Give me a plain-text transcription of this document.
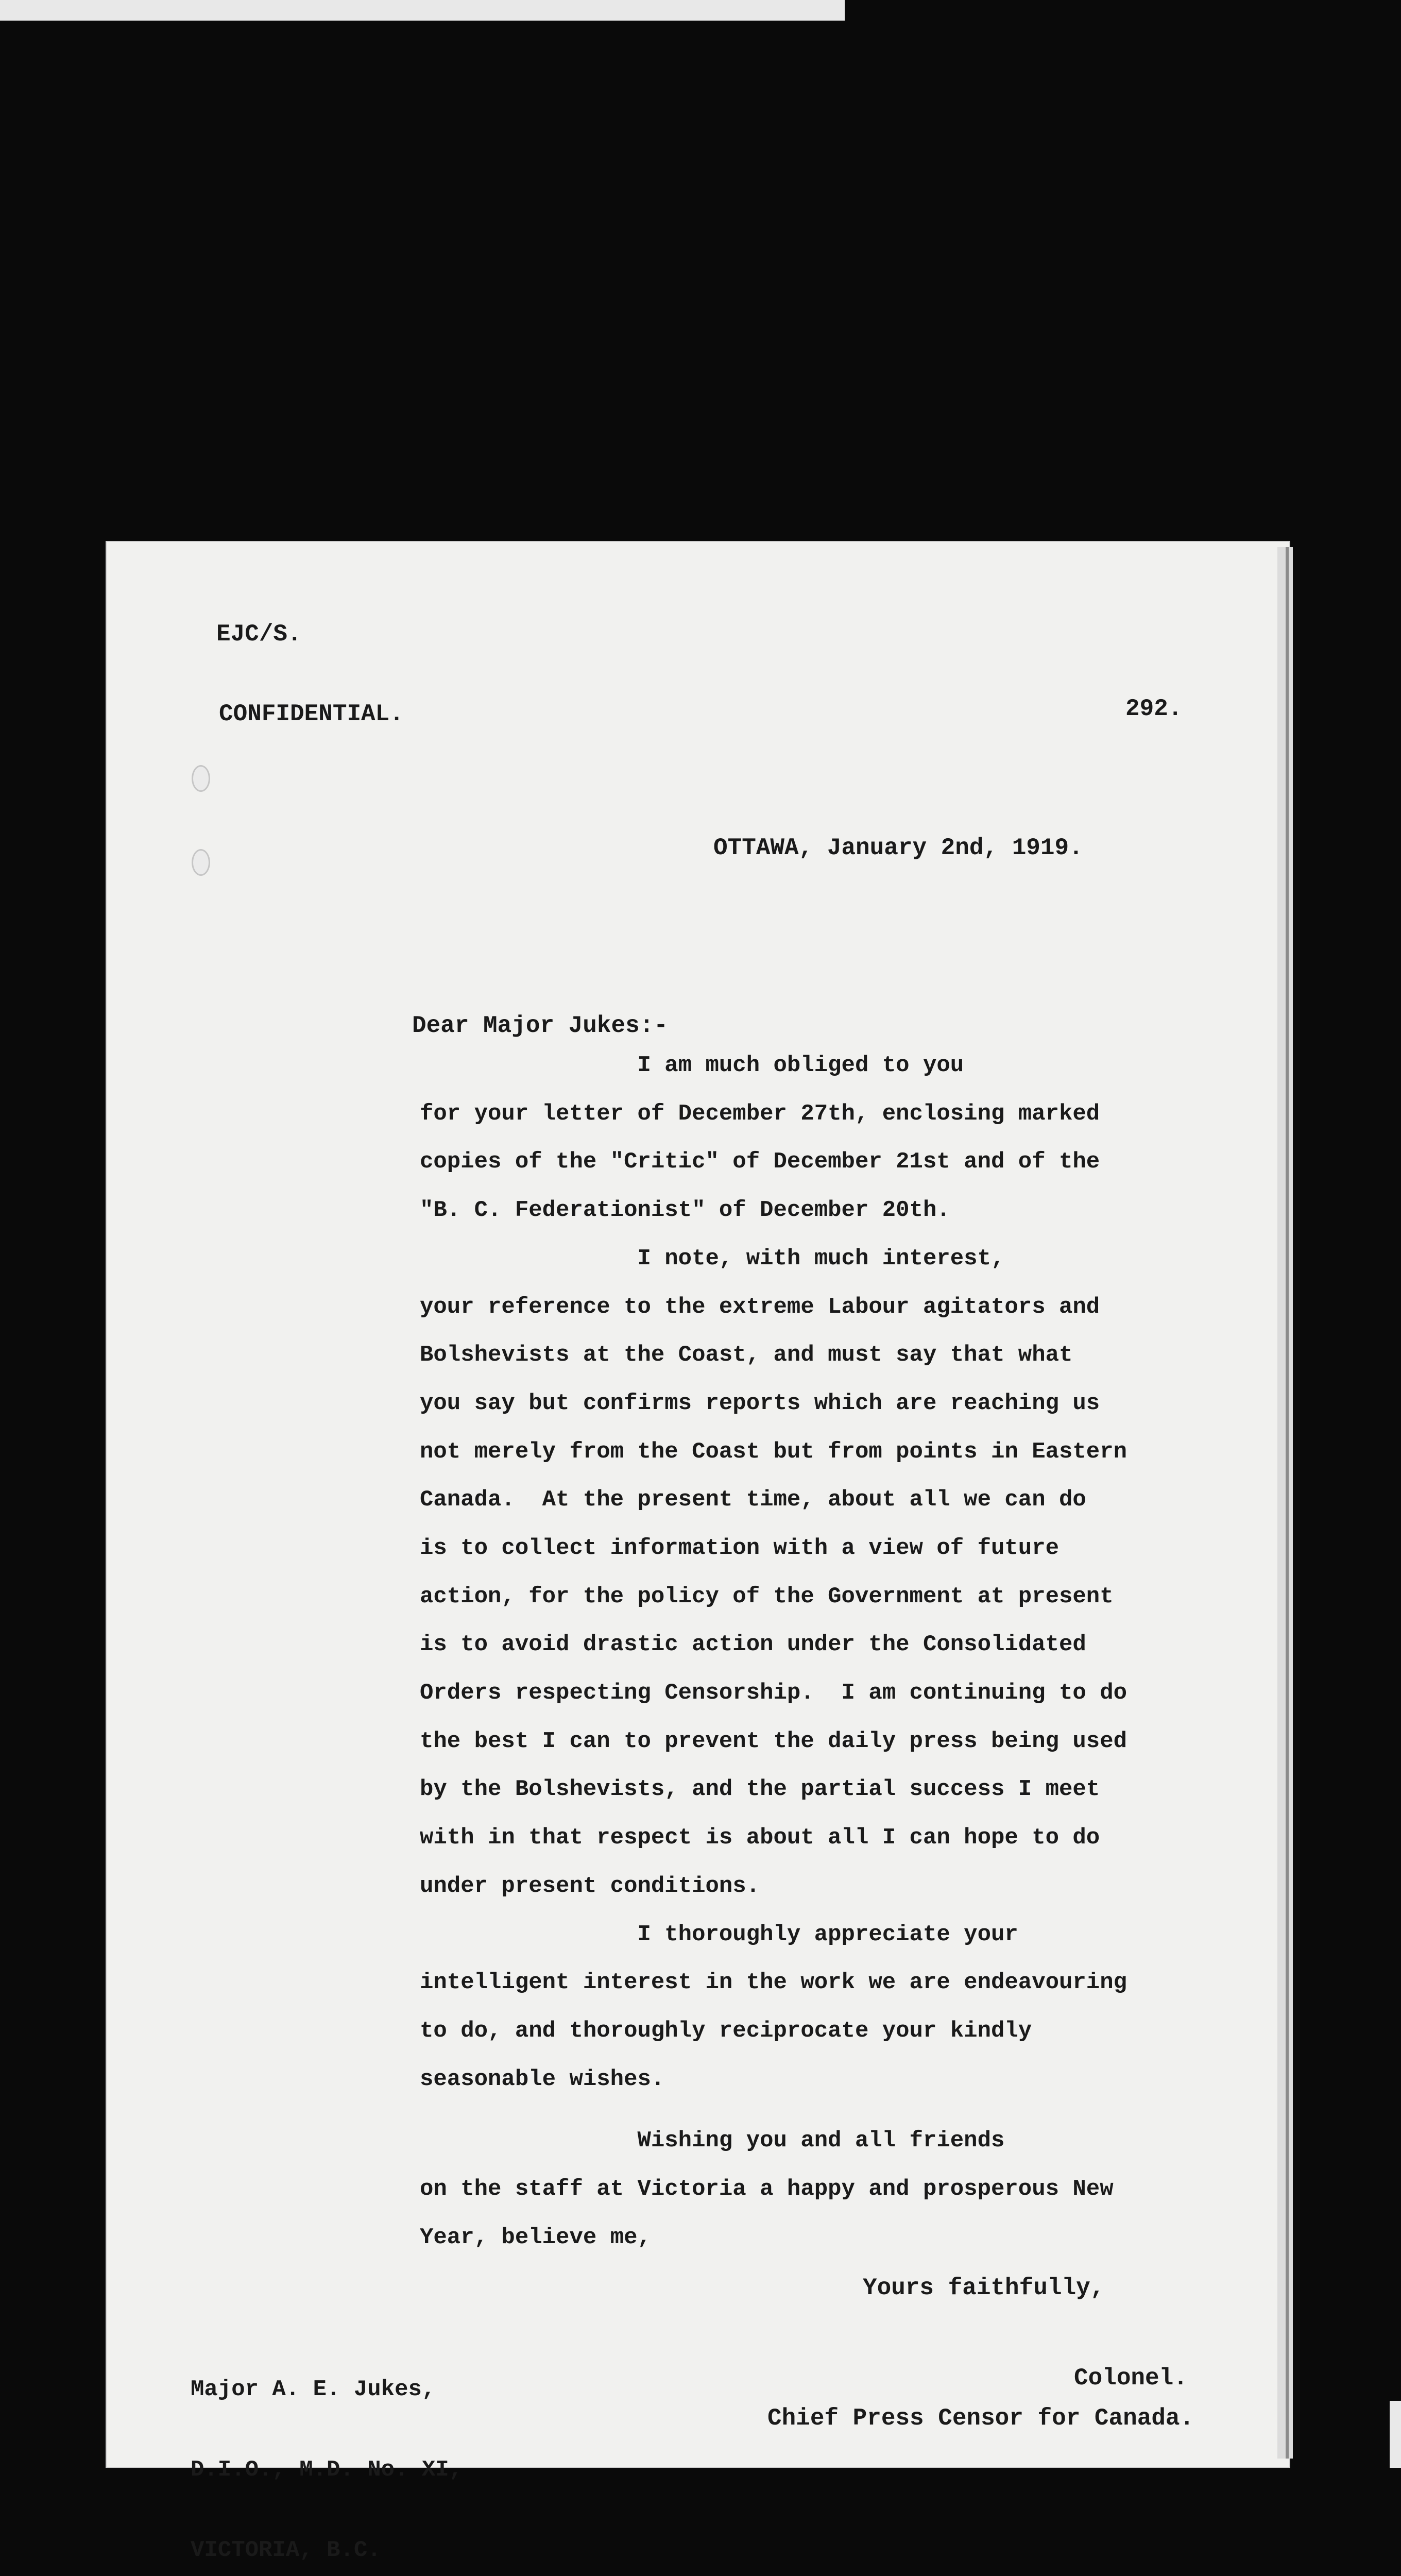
EJC/S.
CONFIDENTIAL.	292.
OTTAWA, January 2nd, 1919.
Dear Major Jukes:-
I am much obliged to you
for your letter of December 27th, enclosing marked
copies of the "Critic" of December 21st and of the
"B. C. Federationist" of December 20th.
I note, with much interest,
your reference to the extreme Labour agitators and
Bolshevists at the Coast, and must say that what
you say but confirms reports which are reaching us
not merely from the Coast but from points in Eastern
Canada.  At the present time, about all we can do
is to collect information with a view of future
action, for the policy of the Government at present
is to avoid drastic action under the Consolidated
Orders respecting Censorship.  I am continuing to do
the best I can to prevent the daily press being used
by the Bolshevists, and the partial success I meet
with in that respect is about all I can hope to do
under present conditions.
I thoroughly appreciate your
intelligent interest in the work we are endeavouring
to do, and thoroughly reciprocate your kindly
seasonable wishes.
Wishing you and all friends
on the staff at Victoria a happy and prosperous New
Year, believe me,
Yours faithfully,

Major A. E. Jukes,

D.I.O., M.D. No. XI,

VICTORIA, B.C.

Colonel.
Chief Press Censor for Canada.
